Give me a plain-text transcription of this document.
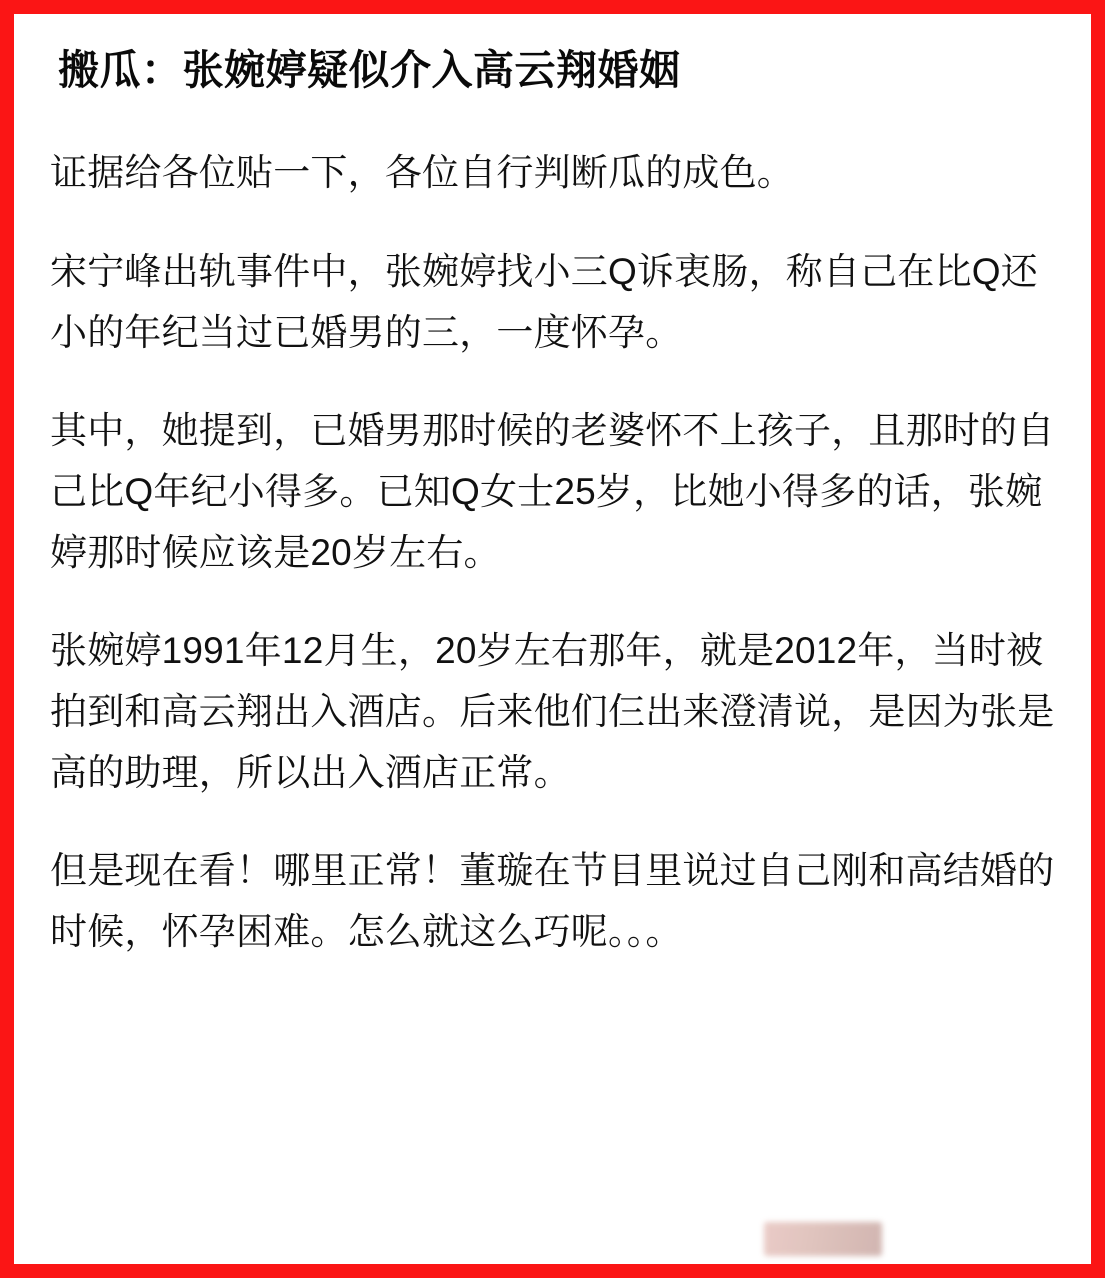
搬瓜：张婉婷疑似介入高云翔婚姻

证据给各位贴一下，各位自行判断瓜的成色。

宋宁峰出轨事件中，张婉婷找小三Q诉衷肠，称自己在比Q还小的年纪当过已婚男的三，一度怀孕。

其中，她提到，已婚男那时候的老婆怀不上孩子，且那时的自己比Q年纪小得多。已知Q女士25岁，比她小得多的话，张婉婷那时候应该是20岁左右。

张婉婷1991年12月生，20岁左右那年，就是2012年，当时被拍到和高云翔出入酒店。后来他们仨出来澄清说，是因为张是高的助理，所以出入酒店正常。

但是现在看！哪里正常！董璇在节目里说过自己刚和高结婚的时候，怀孕困难。怎么就这么巧呢。。。
